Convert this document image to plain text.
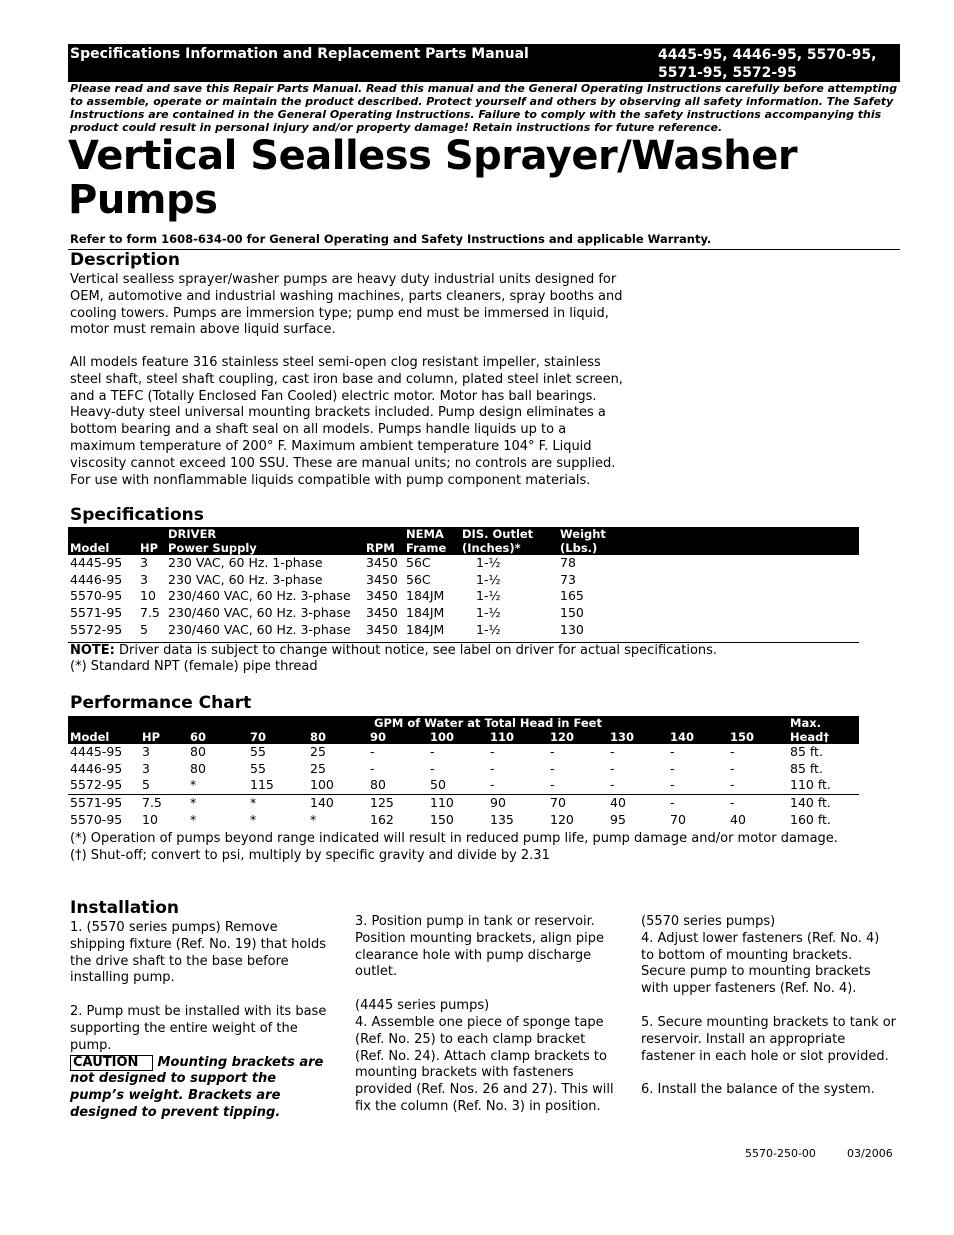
Specifications Information and Replacement Parts Manual	4445-95, 4446-95, 5570-95,
5571-95, 5572-95
Please read and save this Repair Parts Manual. Read this manual and the General Operating Instructions carefully before attempting to assemble, operate or maintain the product described. Protect yourself and others by observing all safety information. The Safety Instructions are contained in the General Operating Instructions. Failure to comply with the safety instructions accompanying this product could result in personal injury and/or property damage! Retain instructions for future reference.
Vertical Sealless Sprayer/Washer
Pumps
Refer to form 1608-634-00 for General Operating and Safety Instructions and applicable Warranty.
Description
Vertical sealless sprayer/washer pumps are heavy duty industrial units designed for OEM, automotive and industrial washing machines, parts cleaners, spray booths and cooling towers. Pumps are immersion type; pump end must be immersed in liquid, motor must remain above liquid surface.
All models feature 316 stainless steel semi-open clog resistant impeller, stainless steel shaft, steel shaft coupling, cast iron base and column, plated steel inlet screen, and a TEFC (Totally Enclosed Fan Cooled) electric motor. Motor has ball bearings. Heavy-duty steel universal mounting brackets included. Pump design eliminates a bottom bearing and a shaft seal on all models. Pumps handle liquids up to a maximum temperature of 200° F. Maximum ambient temperature 104° F. Liquid viscosity cannot exceed 100 SSU. These are manual units; no controls are supplied. For use with nonflammable liquids compatible with pump component materials.
Specifications
		DRIVER		NEMA	DIS. Outlet	Weight
Model	HP	Power Supply	RPM	Frame	(Inches)*	(Lbs.)
4445-95	3	230 VAC, 60 Hz. 1-phase	3450	56C	1-½	78
4446-95	3	230 VAC, 60 Hz. 3-phase	3450	56C	1-½	73
5570-95	10	230/460 VAC, 60 Hz. 3-phase	3450	184JM	1-½	165
5571-95	7.5	230/460 VAC, 60 Hz. 3-phase	3450	184JM	1-½	150
5572-95	5	230/460 VAC, 60 Hz. 3-phase	3450	184JM	1-½	130
NOTE: Driver data is subject to change without notice, see label on driver for actual specifications.
(*) Standard NPT (female) pipe thread
Performance Chart
		GPM of Water at Total Head in Feet										Max.
Model	HP	60	70	80	90	100	110	120	130	140	150	Head†
4445-95	3	80	55	25	-	-	-	-	-	-	-	85 ft.
4446-95	3	80	55	25	-	-	-	-	-	-	-	85 ft.
5572-95	5	*	115	100	80	50	-	-	-	-	-	110 ft.
5571-95	7.5	*	*	140	125	110	90	70	40	-	-	140 ft.
5570-95	10	*	*	*	162	150	135	120	95	70	40	160 ft.
(*) Operation of pumps beyond range indicated will result in reduced pump life, pump damage and/or motor damage.
(†) Shut-off; convert to psi, multiply by specific gravity and divide by 2.31
Installation
1. (5570 series pumps) Remove shipping fixture (Ref. No. 19) that holds the drive shaft to the base before installing pump.
2. Pump must be installed with its base supporting the entire weight of the pump.
CAUTION Mounting brackets are not designed to support the pump’s weight. Brackets are designed to prevent tipping.
3. Position pump in tank or reservoir. Position mounting brackets, align pipe clearance hole with pump discharge outlet.
(4445 series pumps)
4. Assemble one piece of sponge tape (Ref. No. 25) to each clamp bracket (Ref. No. 24). Attach clamp brackets to mounting brackets with fasteners provided (Ref. Nos. 26 and 27). This will fix the column (Ref. No. 3) in position.
(5570 series pumps)
4. Adjust lower fasteners (Ref. No. 4) to bottom of mounting brackets. Secure pump to mounting brackets with upper fasteners (Ref. No. 4).
5. Secure mounting brackets to tank or reservoir. Install an appropriate fastener in each hole or slot provided.
6. Install the balance of the system.
5570-250-00	03/2006
